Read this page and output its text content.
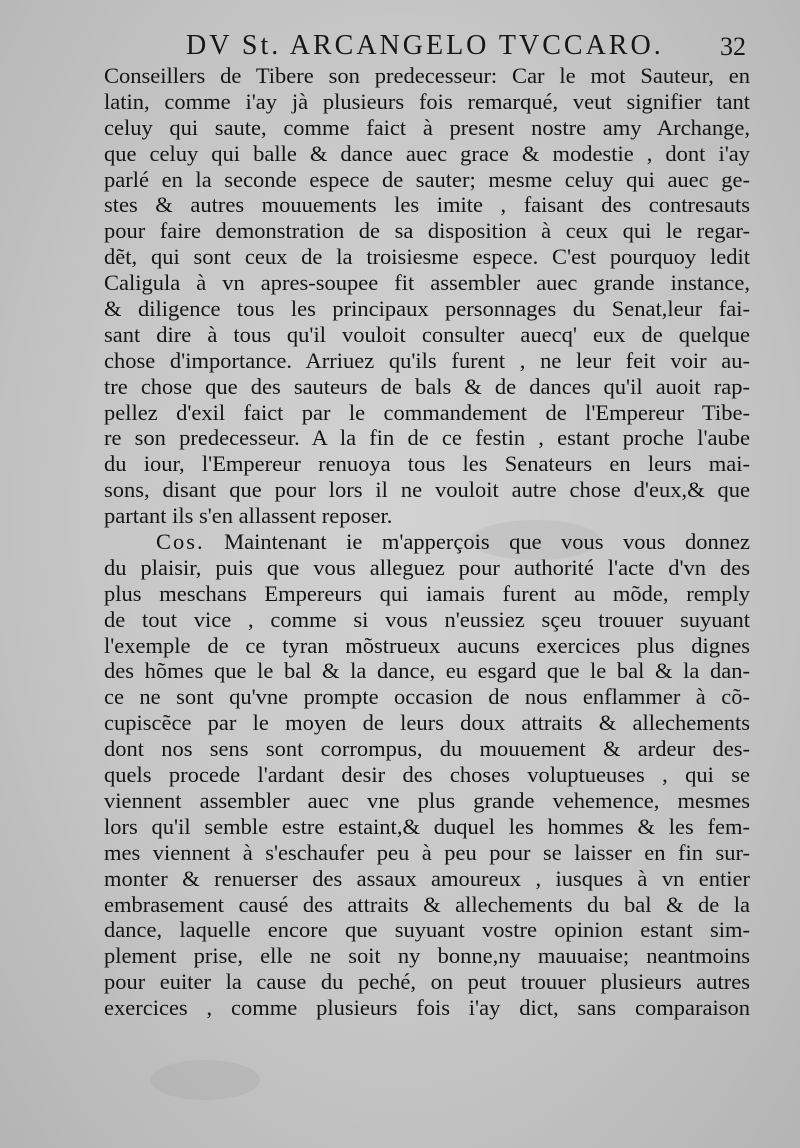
DV St. ARCANGELO TVCCARO. 32
Conseillers de Tibere son predecesseur: Car le mot Sauteur, en
latin, comme i'ay jà plusieurs fois remarqué, veut signifier tant
celuy qui saute, comme faict à present nostre amy Archange,
que celuy qui balle & dance auec grace & modestie , dont i'ay
parlé en la seconde espece de sauter; mesme celuy qui auec ge-
stes & autres mouuements les imite , faisant des contresauts
pour faire demonstration de sa disposition à ceux qui le regar-
dẽt, qui sont ceux de la troisiesme espece. C'est pourquoy ledit
Caligula à vn apres-soupee fit assembler auec grande instance,
& diligence tous les principaux personnages du Senat,leur fai-
sant dire à tous qu'il vouloit consulter auecq' eux de quelque
chose d'importance. Arriuez qu'ils furent , ne leur feit voir au-
tre chose que des sauteurs de bals & de dances qu'il auoit rap-
pellez d'exil faict par le commandement de l'Empereur Tibe-
re son predecesseur. A la fin de ce festin , estant proche l'aube
du iour, l'Empereur renuoya tous les Senateurs en leurs mai-
sons, disant que pour lors il ne vouloit autre chose d'eux,& que
partant ils s'en allassent reposer.
Cos. Maintenant ie m'apperçois que vous vous donnez
du plaisir, puis que vous alleguez pour authorité l'acte d'vn des
plus meschans Empereurs qui iamais furent au mõde, remply
de tout vice , comme si vous n'eussiez sçeu trouuer suyuant
l'exemple de ce tyran mõstrueux aucuns exercices plus dignes
des hõmes que le bal & la dance, eu esgard que le bal & la dan-
ce ne sont qu'vne prompte occasion de nous enflammer à cõ-
cupiscẽce par le moyen de leurs doux attraits & allechements
dont nos sens sont corrompus, du mouuement & ardeur des-
quels procede l'ardant desir des choses voluptueuses , qui se
viennent assembler auec vne plus grande vehemence, mesmes
lors qu'il semble estre estaint,& duquel les hommes & les fem-
mes viennent à s'eschaufer peu à peu pour se laisser en fin sur-
monter & renuerser des assaux amoureux , iusques à vn entier
embrasement causé des attraits & allechements du bal & de la
dance, laquelle encore que suyuant vostre opinion estant sim-
plement prise, elle ne soit ny bonne,ny mauuaise; neantmoins
pour euiter la cause du peché, on peut trouuer plusieurs autres
exercices , comme plusieurs fois i'ay dict, sans comparaison
